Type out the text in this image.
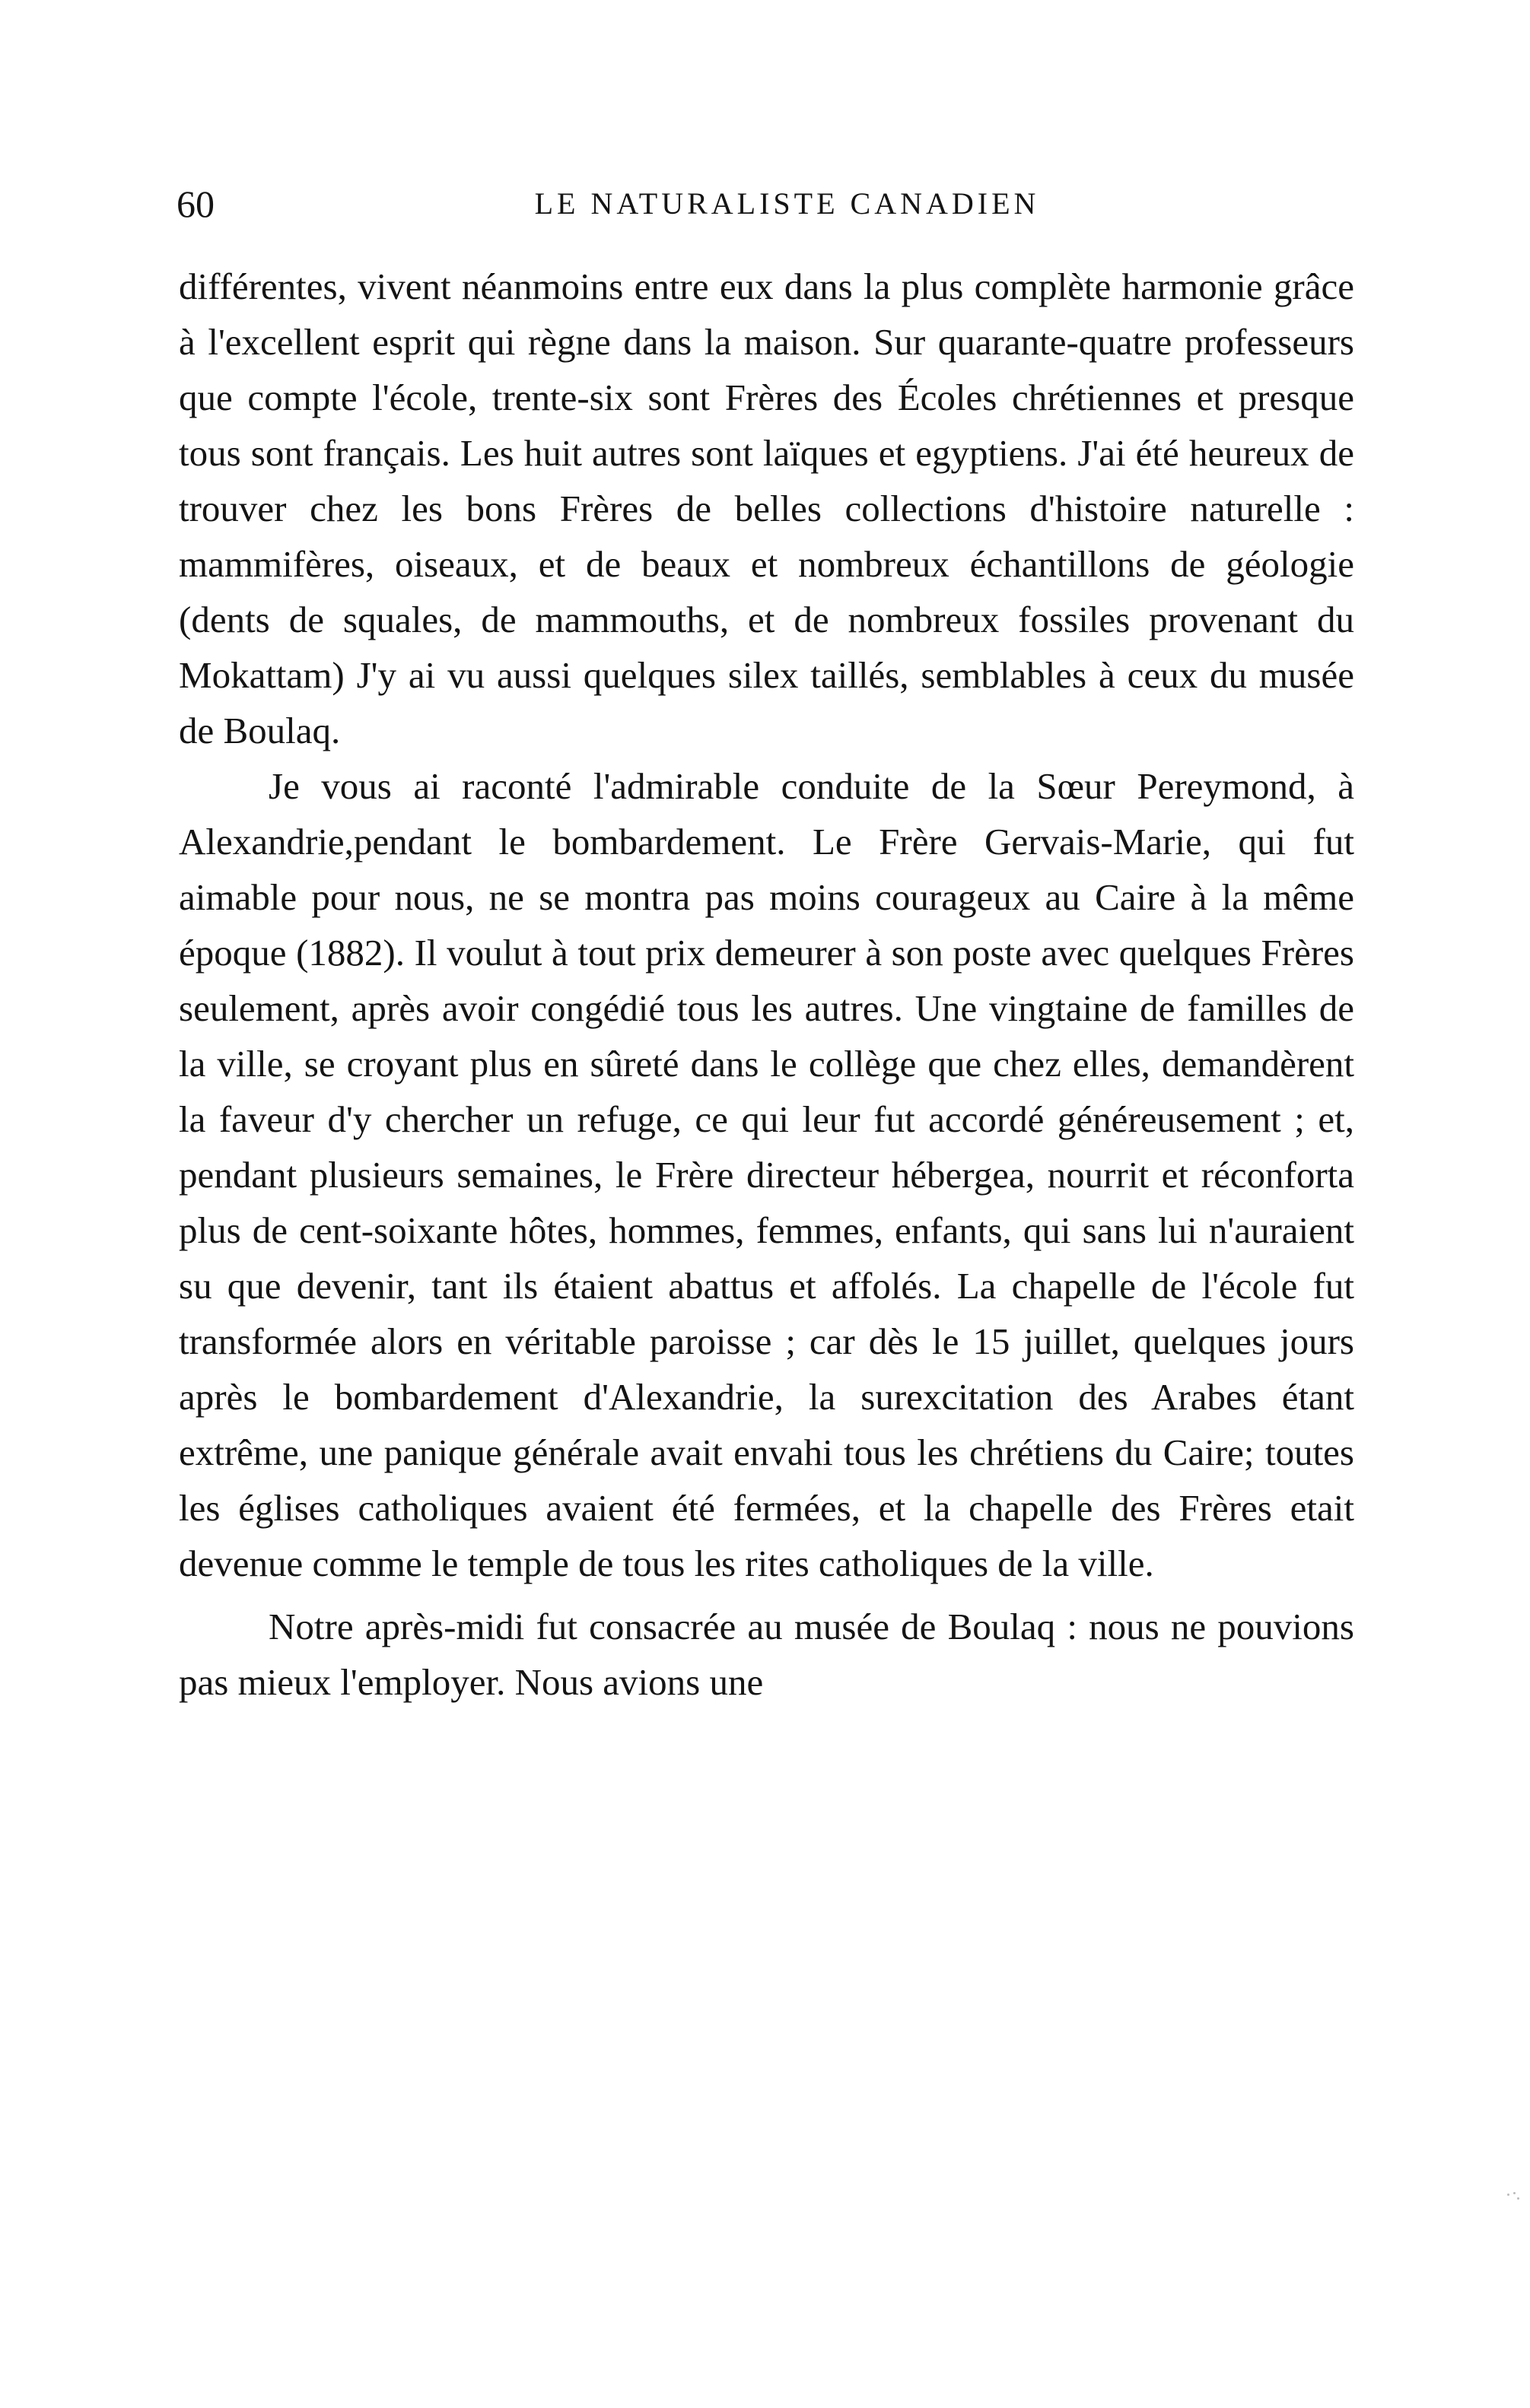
60	LE NATURALISTE CANADIEN

différentes, vivent néanmoins entre eux dans la plus complète harmonie grâce à l'excellent esprit qui règne dans la maison. Sur quarante-quatre professeurs que compte l'école, trente-six sont Frères des Écoles chrétiennes et presque tous sont français. Les huit autres sont laïques et egyptiens. J'ai été heureux de trouver chez les bons Frères de belles collections d'histoire naturelle : mammifères, oiseaux, et de beaux et nombreux échantillons de géologie (dents de squales, de mammouths, et de nombreux fossiles provenant du Mokattam) J'y ai vu aussi quelques silex taillés, semblables à ceux du musée de Boulaq.

Je vous ai raconté l'admirable conduite de la Sœur Pereymond, à Alexandrie,pendant le bombardement. Le Frère Gervais-Marie, qui fut aimable pour nous, ne se montra pas moins courageux au Caire à la même époque (1882). Il voulut à tout prix demeurer à son poste avec quelques Frères seulement, après avoir congédié tous les autres. Une vingtaine de familles de la ville, se croyant plus en sûreté dans le collège que chez elles, demandèrent la faveur d'y chercher un refuge, ce qui leur fut accordé généreusement ; et, pendant plusieurs semaines, le Frère directeur hébergea, nourrit et réconforta plus de cent-soixante hôtes, hommes, femmes, enfants, qui sans lui n'auraient su que devenir, tant ils étaient abattus et affolés. La chapelle de l'école fut transformée alors en véritable paroisse ; car dès le 15 juillet, quelques jours après le bombardement d'Alexandrie, la surexcitation des Arabes étant extrême, une panique générale avait envahi tous les chrétiens du Caire; toutes les églises catholiques avaient été fermées, et la chapelle des Frères etait devenue comme le temple de tous les rites catholiques de la ville.

Notre après-midi fut consacrée au musée de Boulaq : nous ne pouvions pas mieux l'employer. Nous avions une
